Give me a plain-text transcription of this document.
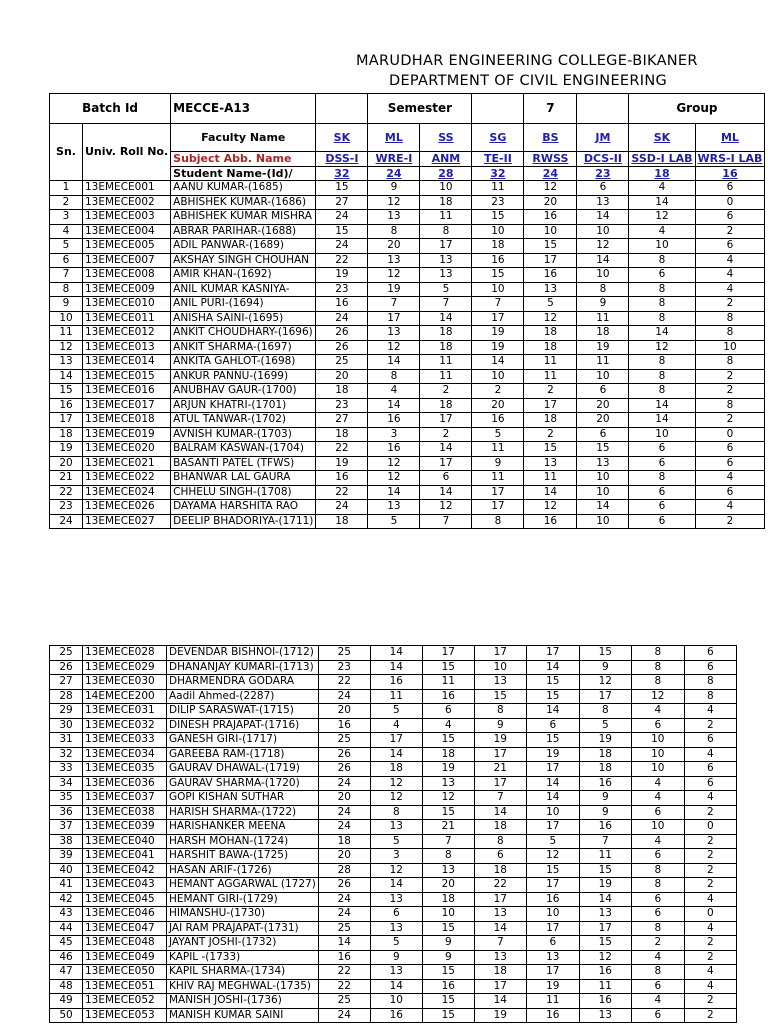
MARUDHAR ENGINEERING COLLEGE-BIKANER
DEPARTMENT OF CIVIL ENGINEERING
Batch Id		MECCE-A13		Semester			7		Group	
Sn.	Univ. Roll No.	Faculty Name	SK	ML	SS	SG	BS	JM	SK	ML
		Subject Abb. Name	DSS-I	WRE-I	ANM	TE-II	RWSS	DCS-II	SSD-I LAB	WRS-I LAB
		Student Name-(Id)/	32	24	28	32	24	23	18	16
1	13EMECE001	AANU KUMAR-(1685)	15	9	10	11	12	6	4	6
2	13EMECE002	ABHISHEK KUMAR-(1686)	27	12	18	23	20	13	14	0
3	13EMECE003	ABHISHEK KUMAR MISHRA	24	13	11	15	16	14	12	6
4	13EMECE004	ABRAR PARIHAR-(1688)	15	8	8	10	10	10	4	2
5	13EMECE005	ADIL PANWAR-(1689)	24	20	17	18	15	12	10	6
6	13EMECE007	AKSHAY SINGH CHOUHAN	22	13	13	16	17	14	8	4
7	13EMECE008	AMIR KHAN-(1692)	19	12	13	15	16	10	6	4
8	13EMECE009	ANIL KUMAR KASNIYA-	23	19	5	10	13	8	8	4
9	13EMECE010	ANIL PURI-(1694)	16	7	7	7	5	9	8	2
10	13EMECE011	ANISHA SAINI-(1695)	24	17	14	17	12	11	8	8
11	13EMECE012	ANKIT CHOUDHARY-(1696)	26	13	18	19	18	18	14	8
12	13EMECE013	ANKIT SHARMA-(1697)	26	12	18	19	18	19	12	10
13	13EMECE014	ANKITA GAHLOT-(1698)	25	14	11	14	11	11	8	8
14	13EMECE015	ANKUR PANNU-(1699)	20	8	11	10	11	10	8	2
15	13EMECE016	ANUBHAV GAUR-(1700)	18	4	2	2	2	6	8	2
16	13EMECE017	ARJUN KHATRI-(1701)	23	14	18	20	17	20	14	8
17	13EMECE018	ATUL TANWAR-(1702)	27	16	17	16	18	20	14	2
18	13EMECE019	AVNISH KUMAR-(1703)	18	3	2	5	2	6	10	0
19	13EMECE020	BALRAM KASWAN-(1704)	22	16	14	11	15	15	6	6
20	13EMECE021	BASANTI PATEL (TFWS)	19	12	17	9	13	13	6	6
21	13EMECE022	BHANWAR LAL GAURA	16	12	6	11	11	10	8	4
22	13EMECE024	CHHELU SINGH-(1708)	22	14	14	17	14	10	6	6
23	13EMECE026	DAYAMA HARSHITA RAO	24	13	12	17	12	14	6	4
24	13EMECE027	DEELIP BHADORIYA-(1711)	18	5	7	8	16	10	6	2
25	13EMECE028	DEVENDAR BISHNOI-(1712)	25	14	17	17	17	15	8	6
26	13EMECE029	DHANANJAY KUMARI-(1713)	23	14	15	10	14	9	8	6
27	13EMECE030	DHARMENDRA GODARA	22	16	11	13	15	12	8	8
28	14EMECE200	Aadil Ahmed-(2287)	24	11	16	15	15	17	12	8
29	13EMECE031	DILIP SARASWAT-(1715)	20	5	6	8	14	8	4	4
30	13EMECE032	DINESH PRAJAPAT-(1716)	16	4	4	9	6	5	6	2
31	13EMECE033	GANESH GIRI-(1717)	25	17	15	19	15	19	10	6
32	13EMECE034	GAREEBA RAM-(1718)	26	14	18	17	19	18	10	4
33	13EMECE035	GAURAV DHAWAL-(1719)	26	18	19	21	17	18	10	6
34	13EMECE036	GAURAV SHARMA-(1720)	24	12	13	17	14	16	4	6
35	13EMECE037	GOPI KISHAN SUTHAR	20	12	12	7	14	9	4	4
36	13EMECE038	HARISH SHARMA-(1722)	24	8	15	14	10	9	6	2
37	13EMECE039	HARISHANKER MEENA	24	13	21	18	17	16	10	0
38	13EMECE040	HARSH MOHAN-(1724)	18	5	7	8	5	7	4	2
39	13EMECE041	HARSHIT BAWA-(1725)	20	3	8	6	12	11	6	2
40	13EMECE042	HASAN ARIF-(1726)	28	12	13	18	15	15	8	2
41	13EMECE043	HEMANT AGGARWAL (1727)	26	14	20	22	17	19	8	2
42	13EMECE045	HEMANT GIRI-(1729)	24	13	18	17	16	14	6	4
43	13EMECE046	HIMANSHU-(1730)	24	6	10	13	10	13	6	0
44	13EMECE047	JAI RAM PRAJAPAT-(1731)	25	13	15	14	17	17	8	4
45	13EMECE048	JAYANT JOSHI-(1732)	14	5	9	7	6	15	2	2
46	13EMECE049	KAPIL -(1733)	16	9	9	13	13	12	4	2
47	13EMECE050	KAPIL SHARMA-(1734)	22	13	15	18	17	16	8	4
48	13EMECE051	KHIV RAJ MEGHWAL-(1735)	22	14	16	17	19	11	6	4
49	13EMECE052	MANISH JOSHI-(1736)	25	10	15	14	11	16	4	2
50	13EMECE053	MANISH KUMAR SAINI	24	16	15	19	16	13	6	2
